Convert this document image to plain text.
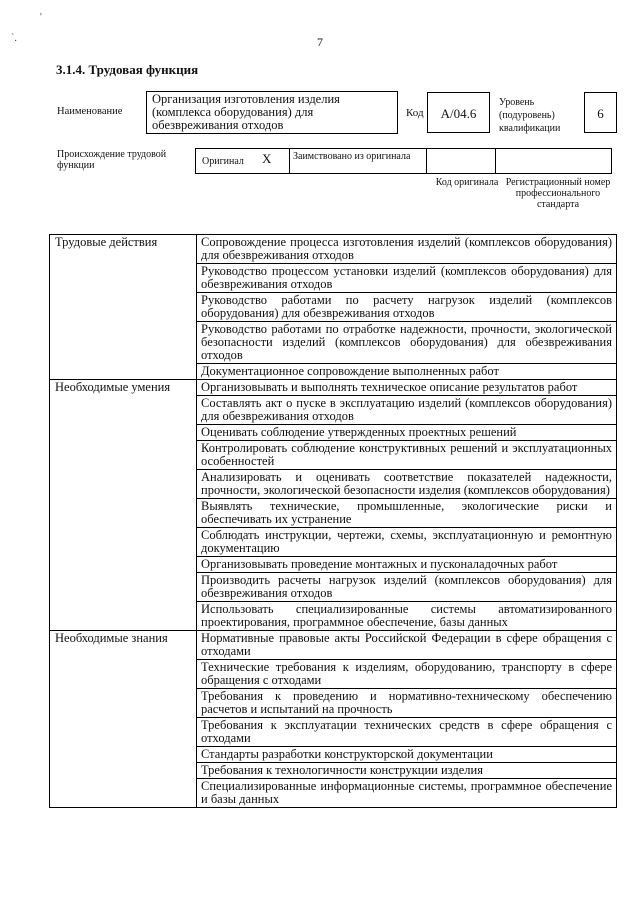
'
`.	7
3.1.4. Трудовая функция
Наименование
Организация изготовления изделия (комплекса оборудования) для обезвреживания отходов
Код	А/04.6
Уровень (подуровень) квалификации
6
Происхождение трудовой функции	Оригинал X	Заимствовано из оригинала
Код оригинала Регистрационный номер профессионального стандарта
Трудовые действия	Сопровождение процесса изготовления изделий (комплексов оборудования) для обезвреживания отходов
	Руководство процессом установки изделий (комплексов оборудования) для обезвреживания отходов
	Руководство работами по расчету нагрузок изделий (комплексов оборудования) для обезвреживания отходов
	Руководство работами по отработке надежности, прочности, экологической безопасности изделий (комплексов оборудования) для обезвреживания отходов
	Документационное сопровождение выполненных работ
Необходимые умения	Организовывать и выполнять техническое описание результатов работ
	Составлять акт о пуске в эксплуатацию изделий (комплексов оборудования) для обезвреживания отходов
	Оценивать соблюдение утвержденных проектных решений
	Контролировать соблюдение конструктивных решений и эксплуатационных особенностей
	Анализировать и оценивать соответствие показателей надежности, прочности, экологической безопасности изделия (комплексов оборудования)
	Выявлять технические, промышленные, экологические риски и обеспечивать их устранение
	Соблюдать инструкции, чертежи, схемы, эксплуатационную и ремонтную документацию
	Организовывать проведение монтажных и пусконаладочных работ
	Производить расчеты нагрузок изделий (комплексов оборудования) для обезвреживания отходов
	Использовать специализированные системы автоматизированного проектирования, программное обеспечение, базы данных
Необходимые знания	Нормативные правовые акты Российской Федерации в сфере обращения с отходами
	Технические требования к изделиям, оборудованию, транспорту в сфере обращения с отходами
	Требования к проведению и нормативно-техническому обеспечению расчетов и испытаний на прочность
	Требования к эксплуатации технических средств в сфере обращения с отходами
	Стандарты разработки конструкторской документации
	Требования к технологичности конструкции изделия
	Специализированные информационные системы, программное обеспечение и базы данных
